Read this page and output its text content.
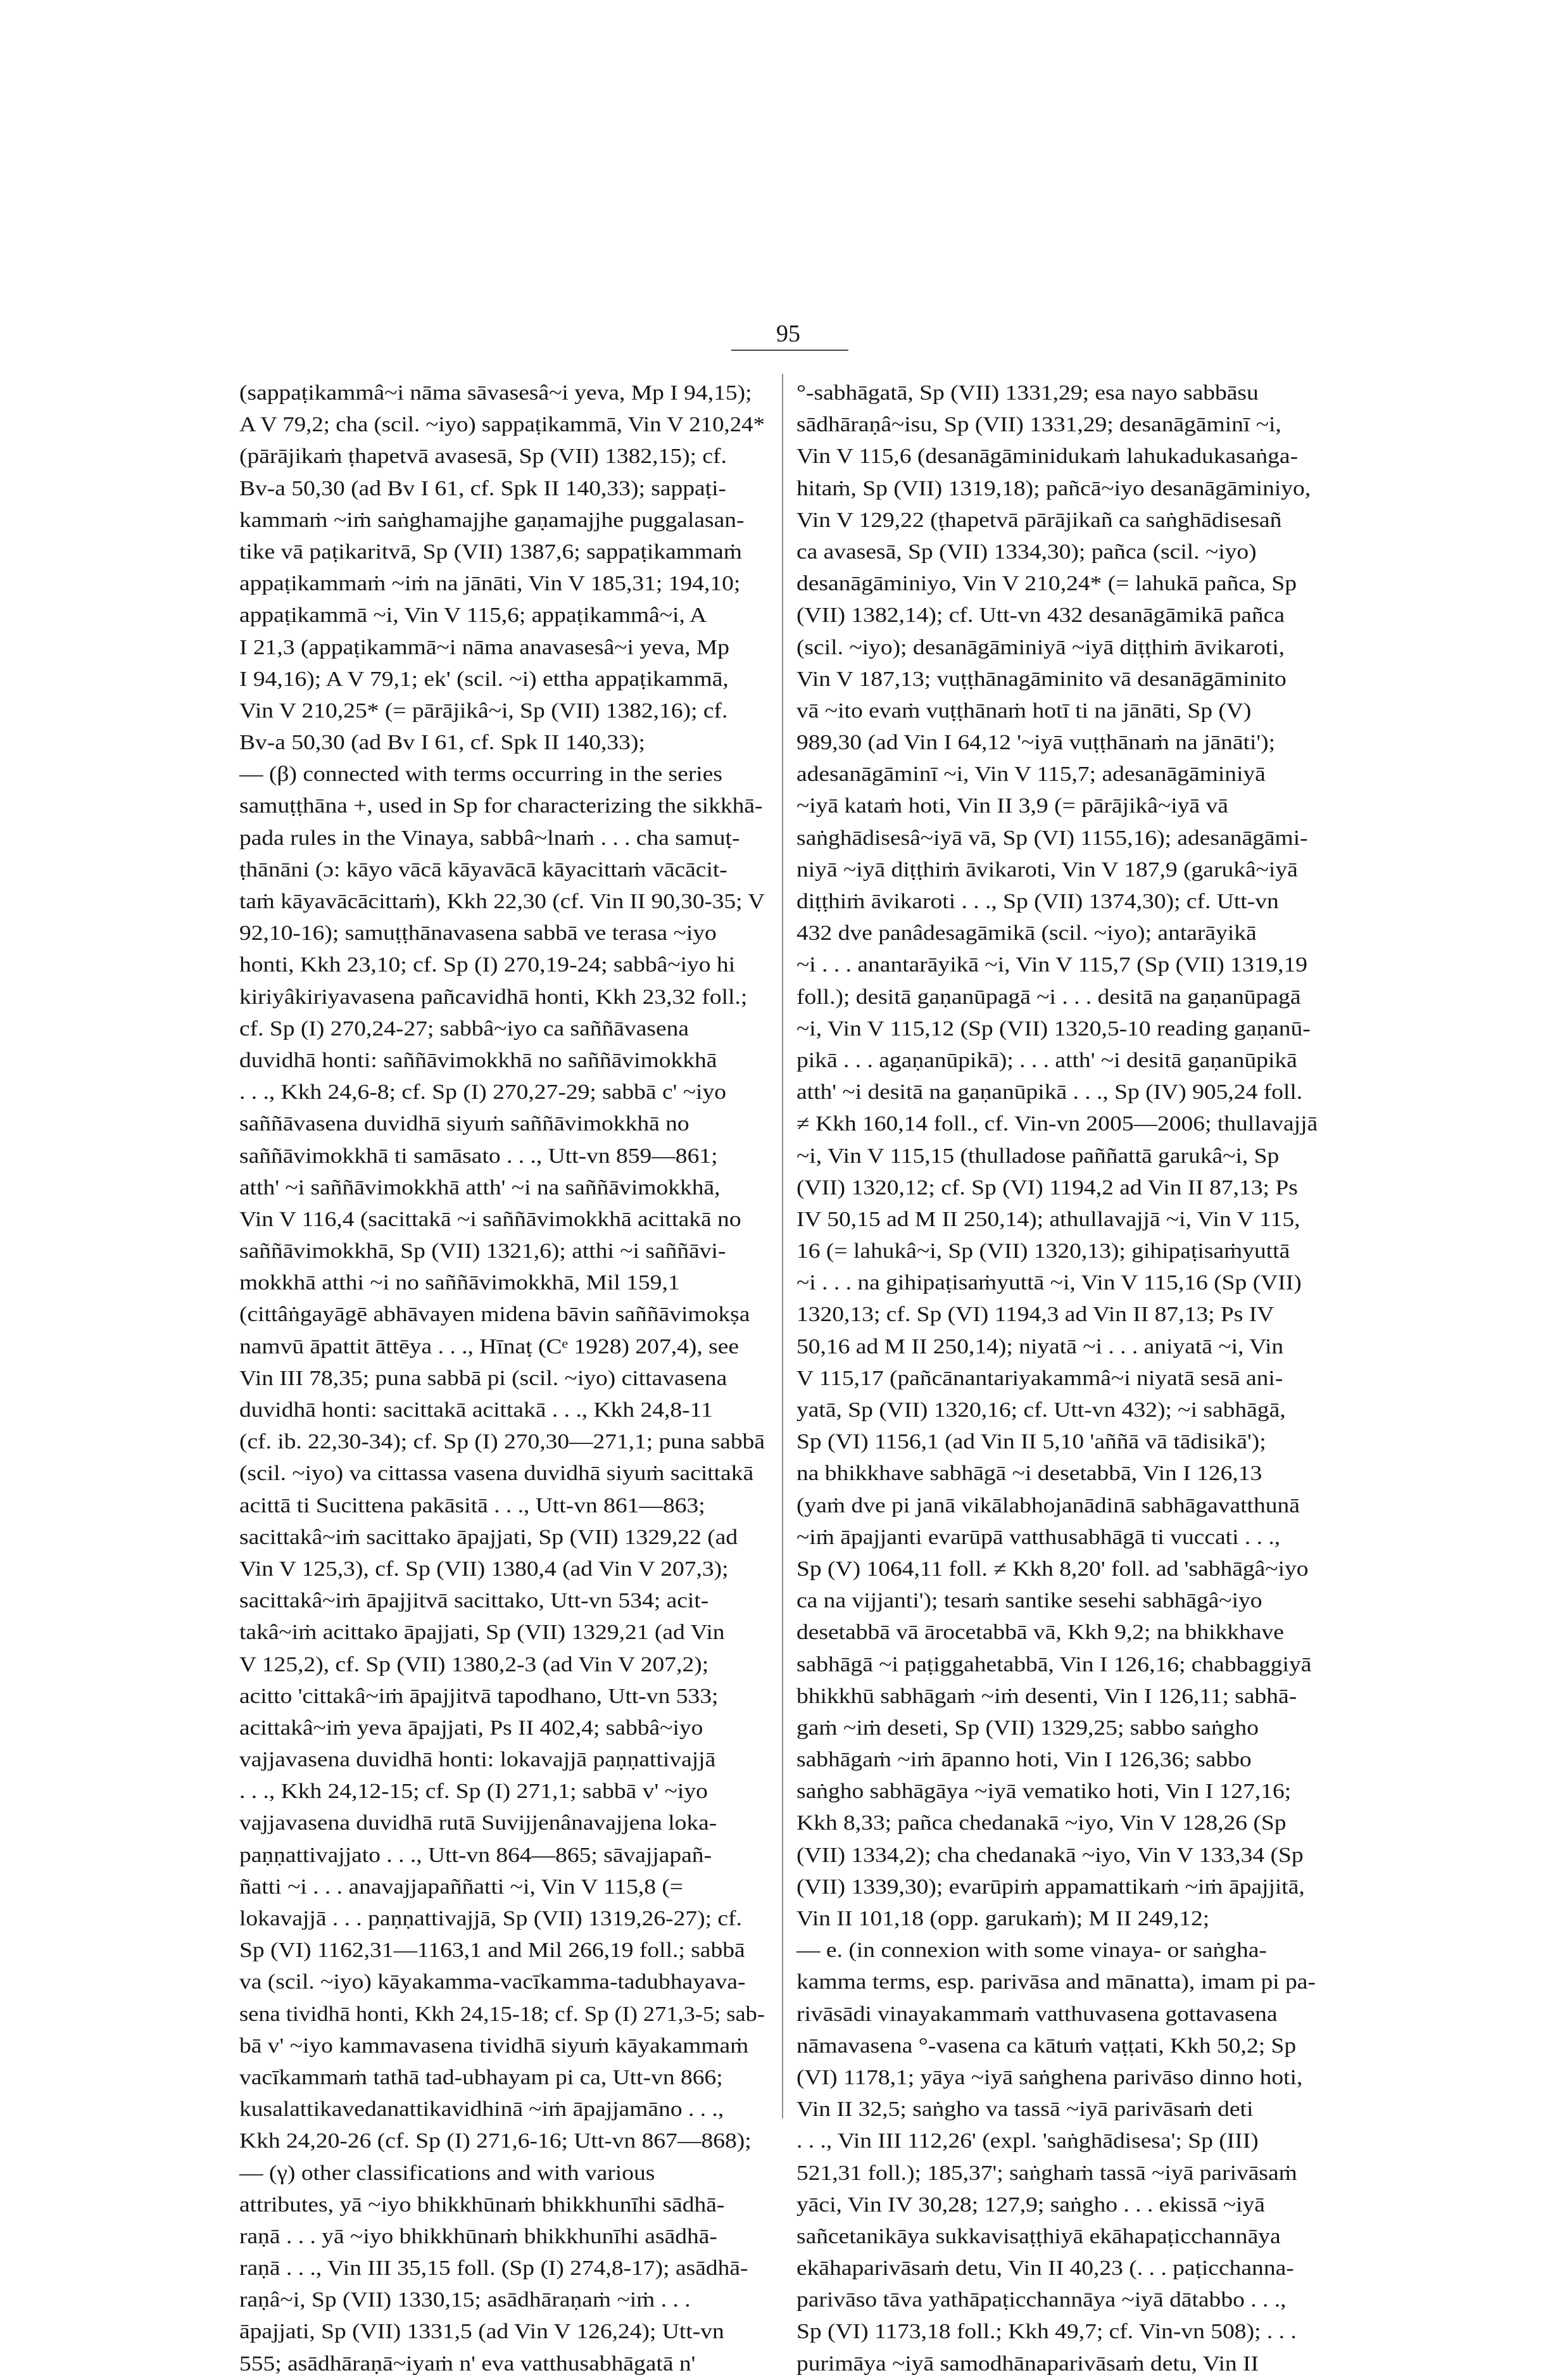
95
(sappaṭikammâ~i nāma sāvasesâ~i yeva, Mp I 94,15);
A V 79,2; cha (scil. ~iyo) sappaṭikammā, Vin V 210,24*
(pārājikaṁ ṭhapetvā avasesā, Sp (VII) 1382,15); cf.
Bv-a 50,30 (ad Bv I 61, cf. Spk II 140,33); sappaṭi-
kammaṁ ~iṁ saṅghamajjhe gaṇamajjhe puggalasan-
tike vā paṭikaritvā, Sp (VII) 1387,6; sappaṭikammaṁ
appaṭikammaṁ ~iṁ na jānāti, Vin V 185,31; 194,10;
appaṭikammā ~i, Vin V 115,6; appaṭikammâ~i, A
I 21,3 (appaṭikammā~i nāma anavasesâ~i yeva, Mp
I 94,16); A V 79,1; ek' (scil. ~i) ettha appaṭikammā,
Vin V 210,25* (= pārājikâ~i, Sp (VII) 1382,16); cf.
Bv-a 50,30 (ad Bv I 61, cf. Spk II 140,33);
— (β) connected with terms occurring in the series
samuṭṭhāna +, used in Sp for characterizing the sikkhā-
pada rules in the Vinaya, sabbâ~lnaṁ . . . cha samuṭ-
ṭhānāni (ɔ: kāyo vācā kāyavācā kāyacittaṁ vācācit-
taṁ kāyavācācittaṁ), Kkh 22,30 (cf. Vin II 90,30-35; V
92,10-16); samuṭṭhānavasena sabbā ve terasa ~iyo
honti, Kkh 23,10; cf. Sp (I) 270,19-24; sabbâ~iyo hi
kiriyâkiriyavasena pañcavidhā honti, Kkh 23,32 foll.;
cf. Sp (I) 270,24-27; sabbâ~iyo ca saññāvasena
duvidhā honti: saññāvimokkhā no saññāvimokkhā
. . ., Kkh 24,6-8; cf. Sp (I) 270,27-29; sabbā c' ~iyo
saññāvasena duvidhā siyuṁ saññāvimokkhā no
saññāvimokkhā ti samāsato . . ., Utt-vn 859—861;
atth' ~i saññāvimokkhā atth' ~i na saññāvimokkhā,
Vin V 116,4 (sacittakā ~i saññāvimokkhā acittakā no
saññāvimokkhā, Sp (VII) 1321,6); atthi ~i saññāvi-
mokkhā atthi ~i no saññāvimokkhā, Mil 159,1
(cittâṅgayāgē abhāvayen midena bāvin saññāvimokṣa
namvū āpattit āttēya . . ., Hīnaṭ (Cᵉ 1928) 207,4), see
Vin III 78,35; puna sabbā pi (scil. ~iyo) cittavasena
duvidhā honti: sacittakā acittakā . . ., Kkh 24,8-11
(cf. ib. 22,30-34); cf. Sp (I) 270,30—271,1; puna sabbā
(scil. ~iyo) va cittassa vasena duvidhā siyuṁ sacittakā
acittā ti Sucittena pakāsitā . . ., Utt-vn 861—863;
sacittakâ~iṁ sacittako āpajjati, Sp (VII) 1329,22 (ad
Vin V 125,3), cf. Sp (VII) 1380,4 (ad Vin V 207,3);
sacittakâ~iṁ āpajjitvā sacittako, Utt-vn 534; acit-
takâ~iṁ acittako āpajjati, Sp (VII) 1329,21 (ad Vin
V 125,2), cf. Sp (VII) 1380,2-3 (ad Vin V 207,2);
acitto 'cittakâ~iṁ āpajjitvā tapodhano, Utt-vn 533;
acittakâ~iṁ yeva āpajjati, Ps II 402,4; sabbâ~iyo
vajjavasena duvidhā honti: lokavajjā paṇṇattivajjā
. . ., Kkh 24,12-15; cf. Sp (I) 271,1; sabbā v' ~iyo
vajjavasena duvidhā rutā Suvijjenânavajjena loka-
paṇṇattivajjato . . ., Utt-vn 864—865; sāvajjapañ-
ñatti ~i . . . anavajjapaññatti ~i, Vin V 115,8 (=
lokavajjā . . . paṇṇattivajjā, Sp (VII) 1319,26-27); cf.
Sp (VI) 1162,31—1163,1 and Mil 266,19 foll.; sabbā
va (scil. ~iyo) kāyakamma-vacīkamma-tadubhayava-
sena tividhā honti, Kkh 24,15-18; cf. Sp (I) 271,3-5; sab-
bā v' ~iyo kammavasena tividhā siyuṁ kāyakammaṁ
vacīkammaṁ tathā tad-ubhayam pi ca, Utt-vn 866;
kusalattikavedanattikavidhinā ~iṁ āpajjamāno . . .,
Kkh 24,20-26 (cf. Sp (I) 271,6-16; Utt-vn 867—868);
— (γ) other classifications and with various
attributes, yā ~iyo bhikkhūnaṁ bhikkhunīhi sādhā-
raṇā . . . yā ~iyo bhikkhūnaṁ bhikkhunīhi asādhā-
raṇā . . ., Vin III 35,15 foll. (Sp (I) 274,8-17); asādhā-
raṇâ~i, Sp (VII) 1330,15; asādhāraṇaṁ ~iṁ . . .
āpajjati, Sp (VII) 1331,5 (ad Vin V 126,24); Utt-vn
555; asādhāraṇā~iyaṁ n' eva vatthusabhāgatā n'
°-sabhāgatā, Sp (VII) 1331,29; esa nayo sabbāsu
sādhāraṇâ~isu, Sp (VII) 1331,29; desanāgāminī ~i,
Vin V 115,6 (desanāgāminidukaṁ lahukadukasaṅga-
hitaṁ, Sp (VII) 1319,18); pañcā~iyo desanāgāminiyo,
Vin V 129,22 (ṭhapetvā pārājikañ ca saṅghādisesañ
ca avasesā, Sp (VII) 1334,30); pañca (scil. ~iyo)
desanāgāminiyo, Vin V 210,24* (= lahukā pañca, Sp
(VII) 1382,14); cf. Utt-vn 432 desanāgāmikā pañca
(scil. ~iyo); desanāgāminiyā ~iyā diṭṭhiṁ āvikaroti,
Vin V 187,13; vuṭṭhānagāminito vā desanāgāminito
vā ~ito evaṁ vuṭṭhānaṁ hotī ti na jānāti, Sp (V)
989,30 (ad Vin I 64,12 '~iyā vuṭṭhānaṁ na jānāti');
adesanāgāminī ~i, Vin V 115,7; adesanāgāminiyā
~iyā kataṁ hoti, Vin II 3,9 (= pārājikâ~iyā vā
saṅghādisesâ~iyā vā, Sp (VI) 1155,16); adesanāgāmi-
niyā ~iyā diṭṭhiṁ āvikaroti, Vin V 187,9 (garukâ~iyā
diṭṭhiṁ āvikaroti . . ., Sp (VII) 1374,30); cf. Utt-vn
432 dve panâdesagāmikā (scil. ~iyo); antarāyikā
~i . . . anantarāyikā ~i, Vin V 115,7 (Sp (VII) 1319,19
foll.); desitā gaṇanūpagā ~i . . . desitā na gaṇanūpagā
~i, Vin V 115,12 (Sp (VII) 1320,5-10 reading gaṇanū-
pikā . . . agaṇanūpikā); . . . atth' ~i desitā gaṇanūpikā
atth' ~i desitā na gaṇanūpikā . . ., Sp (IV) 905,24 foll.
≠ Kkh 160,14 foll., cf. Vin-vn 2005—2006; thullavajjā
~i, Vin V 115,15 (thulladose paññattā garukâ~i, Sp
(VII) 1320,12; cf. Sp (VI) 1194,2 ad Vin II 87,13; Ps
IV 50,15 ad M II 250,14); athullavajjā ~i, Vin V 115,
16 (= lahukâ~i, Sp (VII) 1320,13); gihipaṭisaṁyuttā
~i . . . na gihipaṭisaṁyuttā ~i, Vin V 115,16 (Sp (VII)
1320,13; cf. Sp (VI) 1194,3 ad Vin II 87,13; Ps IV
50,16 ad M II 250,14); niyatā ~i . . . aniyatā ~i, Vin
V 115,17 (pañcānantariyakammâ~i niyatā sesā ani-
yatā, Sp (VII) 1320,16; cf. Utt-vn 432); ~i sabhāgā,
Sp (VI) 1156,1 (ad Vin II 5,10 'aññā vā tādisikā');
na bhikkhave sabhāgā ~i desetabbā, Vin I 126,13
(yaṁ dve pi janā vikālabhojanādinā sabhāgavatthunā
~iṁ āpajjanti evarūpā vatthusabhāgā ti vuccati . . .,
Sp (V) 1064,11 foll. ≠ Kkh 8,20' foll. ad 'sabhāgâ~iyo
ca na vijjanti'); tesaṁ santike sesehi sabhāgâ~iyo
desetabbā vā ārocetabbā vā, Kkh 9,2; na bhikkhave
sabhāgā ~i paṭiggahetabbā, Vin I 126,16; chabbaggiyā
bhikkhū sabhāgaṁ ~iṁ desenti, Vin I 126,11; sabhā-
gaṁ ~iṁ deseti, Sp (VII) 1329,25; sabbo saṅgho
sabhāgaṁ ~iṁ āpanno hoti, Vin I 126,36; sabbo
saṅgho sabhāgāya ~iyā vematiko hoti, Vin I 127,16;
Kkh 8,33; pañca chedanakā ~iyo, Vin V 128,26 (Sp
(VII) 1334,2); cha chedanakā ~iyo, Vin V 133,34 (Sp
(VII) 1339,30); evarūpiṁ appamattikaṁ ~iṁ āpajjitā,
Vin II 101,18 (opp. garukaṁ); M II 249,12;
— e. (in connexion with some vinaya- or saṅgha-
kamma terms, esp. parivāsa and mānatta), imam pi pa-
rivāsādi vinayakammaṁ vatthuvasena gottavasena
nāmavasena °-vasena ca kātuṁ vaṭṭati, Kkh 50,2; Sp
(VI) 1178,1; yāya ~iyā saṅghena parivāso dinno hoti,
Vin II 32,5; saṅgho va tassā ~iyā parivāsaṁ deti
. . ., Vin III 112,26' (expl. 'saṅghādisesa'; Sp (III)
521,31 foll.); 185,37'; saṅghaṁ tassā ~iyā parivāsaṁ
yāci, Vin IV 30,28; 127,9; saṅgho . . . ekissā ~iyā
sañcetanikāya sukkavisaṭṭhiyā ekāhapaṭicchannāya
ekāhaparivāsaṁ detu, Vin II 40,23 (. . . paṭicchanna-
parivāso tāva yathāpaṭicchannāya ~iyā dātabbo . . .,
Sp (VI) 1173,18 foll.; Kkh 49,7; cf. Vin-vn 508); . . .
purimāya ~iyā samodhānaparivāsaṁ detu, Vin II
